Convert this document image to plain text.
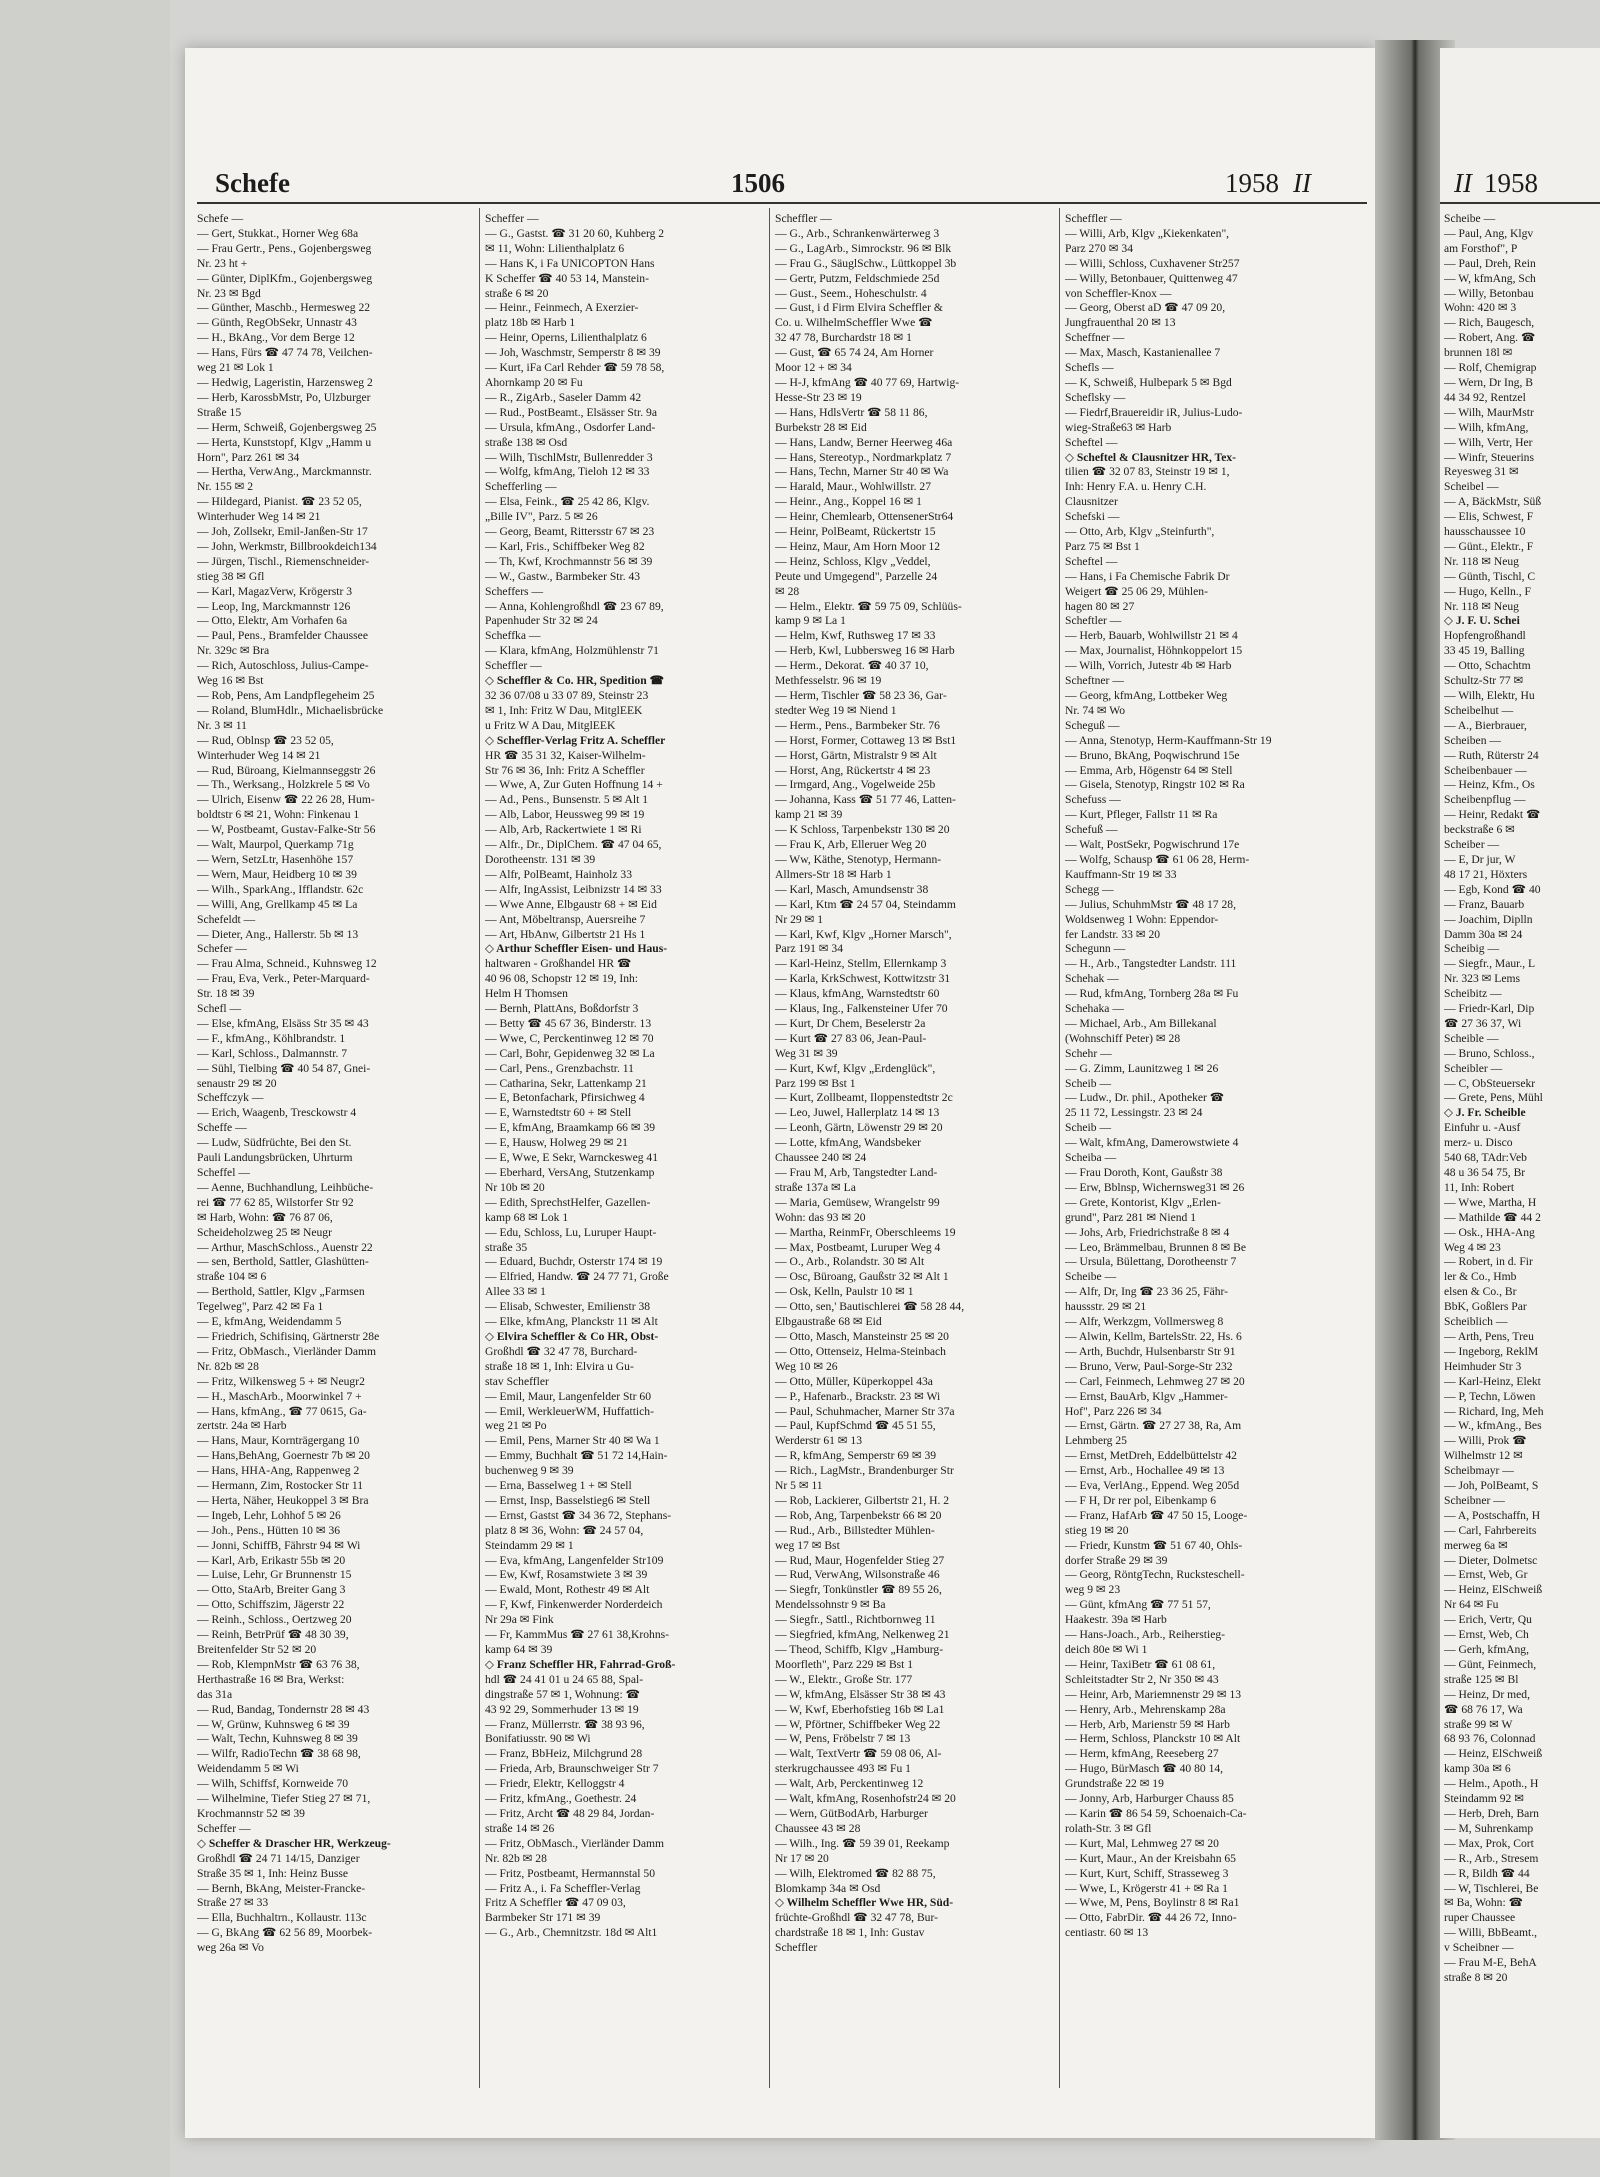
Schefe	1506	1958 II
Schefe —
— Gert, Stukkat., Horner Weg 68a
— Frau Gertr., Pens., Gojenbergsweg
Nr. 23 ht +
— Günter, DiplKfm., Gojenbergsweg
Nr. 23 ✉ Bgd
— Günther, Maschb., Hermesweg 22
— Günth, RegObSekr, Unnastr 43
— H., BkAng., Vor dem Berge 12
— Hans, Fürs ☎ 47 74 78, Veilchen-
weg 21 ✉ Lok 1
— Hedwig, Lageristin, Harzensweg 2
— Herb, KarossbMstr, Po, Ulzburger
Straße 15
— Herm, Schweiß, Gojenbergsweg 25
— Herta, Kunststopf, Klgv „Hamm u
Horn", Parz 261 ✉ 34
— Hertha, VerwAng., Marckmannstr.
Nr. 155 ✉ 2
— Hildegard, Pianist. ☎ 23 52 05,
Winterhuder Weg 14 ✉ 21
— Joh, Zollsekr, Emil-Janßen-Str 17
— John, Werkmstr, Billbrookdeich134
— Jürgen, Tischl., Riemenschneider-
stieg 38 ✉ Gfl
— Karl, MagazVerw, Krögerstr 3
— Leop, Ing, Marckmannstr 126
— Otto, Elektr, Am Vorhafen 6a
— Paul, Pens., Bramfelder Chaussee
Nr. 329c ✉ Bra
— Rich, Autoschloss, Julius-Campe-
Weg 16 ✉ Bst
— Rob, Pens, Am Landpflegeheim 25
— Roland, BlumHdlr., Michaelisbrücke
Nr. 3 ✉ 11
— Rud, Oblnsp ☎ 23 52 05,
Winterhuder Weg 14 ✉ 21
— Rud, Büroang, Kielmannseggstr 26
— Th., Werksang., Holzkrele 5 ✉ Vo
— Ulrich, Eisenw ☎ 22 26 28, Hum-
boldtstr 6 ✉ 21, Wohn: Finkenau 1
— W, Postbeamt, Gustav-Falke-Str 56
— Walt, Maurpol, Querkamp 71g
— Wern, SetzLtr, Hasenhöhe 157
— Wern, Maur, Heidberg 10 ✉ 39
— Wilh., SparkAng., Ifflandstr. 62c
— Willi, Ang, Grellkamp 45 ✉ La
Schefeldt —
— Dieter, Ang., Hallerstr. 5b ✉ 13
Schefer —
— Frau Alma, Schneid., Kuhnsweg 12
— Frau, Eva, Verk., Peter-Marquard-
Str. 18 ✉ 39
Schefl —
— Else, kfmAng, Elsäss Str 35 ✉ 43
— F., kfmAng., Köhlbrandstr. 1
— Karl, Schloss., Dalmannstr. 7
— Sühl, Tielbing ☎ 40 54 87, Gnei-
senaustr 29 ✉ 20
Scheffczyk —
— Erich, Waagenb, Tresckowstr 4
Scheffe —
— Ludw, Südfrüchte, Bei den St.
Pauli Landungsbrücken, Uhrturm
Scheffel —
— Aenne, Buchhandlung, Leihbüche-
rei ☎ 77 62 85, Wilstorfer Str 92
✉ Harb, Wohn: ☎ 76 87 06,
Scheideholzweg 25 ✉ Neugr
— Arthur, MaschSchloss., Auenstr 22
— sen, Berthold, Sattler, Glashütten-
straße 104 ✉ 6
— Berthold, Sattler, Klgv „Farmsen
Tegelweg", Parz 42 ✉ Fa 1
— E, kfmAng, Weidendamm 5
— Friedrich, Schifisinq, Gärtnerstr 28e
— Fritz, ObMasch., Vierländer Damm
Nr. 82b ✉ 28
— Fritz, Wilkensweg 5 + ✉ Neugr2
— H., MaschArb., Moorwinkel 7 +
— Hans, kfmAng., ☎ 77 0615, Ga-
zertstr. 24a ✉ Harb
— Hans, Maur, Kornträgergang 10
— Hans,BehAng, Goernestr 7b ✉ 20
— Hans, HHA-Ang, Rappenweg 2
— Hermann, Zim, Rostocker Str 11
— Herta, Näher, Heukoppel 3 ✉ Bra
— Ingeb, Lehr, Lohhof 5 ✉ 26
— Joh., Pens., Hütten 10 ✉ 36
— Jonni, SchiffB, Fährstr 94 ✉ Wi
— Karl, Arb, Erikastr 55b ✉ 20
— Luise, Lehr, Gr Brunnenstr 15
— Otto, StaArb, Breiter Gang 3
— Otto, Schiffszim, Jägerstr 22
— Reinh., Schloss., Oertzweg 20
— Reinh, BetrPrüf ☎ 48 30 39,
Breitenfelder Str 52 ✉ 20
— Rob, KlempnMstr ☎ 63 76 38,
Herthastraße 16 ✉ Bra, Werkst:
das 31a
— Rud, Bandag, Tondernstr 28 ✉ 43
— W, Grünw, Kuhnsweg 6 ✉ 39
— Walt, Techn, Kuhnsweg 8 ✉ 39
— Wilfr, RadioTechn ☎ 38 68 98,
Weidendamm 5 ✉ Wi
— Wilh, Schiffsf, Kornweide 70
— Wilhelmine, Tiefer Stieg 27 ✉ 71,
Krochmannstr 52 ✉ 39
Scheffer —
◇ Scheffer & Drascher HR, Werkzeug-
Großhdl ☎ 24 71 14/15, Danziger
Straße 35 ✉ 1, Inh: Heinz Busse
— Bernh, BkAng, Meister-Francke-
Straße 27 ✉ 33
— Ella, Buchhaltrn., Kollaustr. 113c
— G, BkAng ☎ 62 56 89, Moorbek-
weg 26a ✉ Vo
Scheffer —
— G., Gastst. ☎ 31 20 60, Kuhberg 2
✉ 11, Wohn: Lilienthalplatz 6
— Hans K, i Fa UNICOPTON Hans
K Scheffer ☎ 40 53 14, Manstein-
straße 6 ✉ 20
— Heinr., Feinmech, A Exerzier-
platz 18b ✉ Harb 1
— Heinr, Operns, Lilienthalplatz 6
— Joh, Waschmstr, Semperstr 8 ✉ 39
— Kurt, iFa Carl Rehder ☎ 59 78 58,
Ahornkamp 20 ✉ Fu
— R., ZigArb., Saseler Damm 42
— Rud., PostBeamt., Elsässer Str. 9a
— Ursula, kfmAng., Osdorfer Land-
straße 138 ✉ Osd
— Wilh, TischlMstr, Bullenredder 3
— Wolfg, kfmAng, Tieloh 12 ✉ 33
Schefferling —
— Elsa, Feink., ☎ 25 42 86, Klgv.
„Bille IV", Parz. 5 ✉ 26
— Georg, Beamt, Rittersstr 67 ✉ 23
— Karl, Fris., Schiffbeker Weg 82
— Th, Kwf, Krochmannstr 56 ✉ 39
— W., Gastw., Barmbeker Str. 43
Scheffers —
— Anna, Kohlengroßhdl ☎ 23 67 89,
Papenhuder Str 32 ✉ 24
Scheffka —
— Klara, kfmAng, Holzmühlenstr 71
Scheffler —
◇ Scheffler & Co. HR, Spedition ☎
32 36 07/08 u 33 07 89, Steinstr 23
✉ 1, Inh: Fritz W Dau, MitglEEK
u Fritz W A Dau, MitglEEK
◇ Scheffler-Verlag Fritz A. Scheffler
HR ☎ 35 31 32, Kaiser-Wilhelm-
Str 76 ✉ 36, Inh: Fritz A Scheffler
— Wwe, A, Zur Guten Hoffnung 14 +
— Ad., Pens., Bunsenstr. 5 ✉ Alt 1
— Alb, Labor, Heussweg 99 ✉ 19
— Alb, Arb, Rackertwiete 1 ✉ Ri
— Alfr., Dr., DiplChem. ☎ 47 04 65,
Dorotheenstr. 131 ✉ 39
— Alfr, PolBeamt, Hainholz 33
— Alfr, IngAssist, Leibnizstr 14 ✉ 33
— Wwe Anne, Elbgaustr 68 + ✉ Eid
— Ant, Möbeltransp, Auersreihe 7
— Art, HbAnw, Gilbertstr 21 Hs 1
◇ Arthur Scheffler Eisen- und Haus-
haltwaren - Großhandel HR ☎
40 96 08, Schopstr 12 ✉ 19, Inh:
Helm H Thomsen
— Bernh, PlattAns, Boßdorfstr 3
— Betty ☎ 45 67 36, Binderstr. 13
— Wwe, C, Perckentinweg 12 ✉ 70
— Carl, Bohr, Gepidenweg 32 ✉ La
— Carl, Pens., Grenzbachstr. 11
— Catharina, Sekr, Lattenkamp 21
— E, Betonfachark, Pfirsichweg 4
— E, Warnstedtstr 60 + ✉ Stell
— E, kfmAng, Braamkamp 66 ✉ 39
— E, Hausw, Holweg 29 ✉ 21
— E, Wwe, E Sekr, Warnckesweg 41
— Eberhard, VersAng, Stutzenkamp
Nr 10b ✉ 20
— Edith, SprechstHelfer, Gazellen-
kamp 68 ✉ Lok 1
— Edu, Schloss, Lu, Luruper Haupt-
straße 35
— Eduard, Buchdr, Osterstr 174 ✉ 19
— Elfried, Handw. ☎ 24 77 71, Große
Allee 33 ✉ 1
— Elisab, Schwester, Emilienstr 38
— Elke, kfmAng, Planckstr 11 ✉ Alt
◇ Elvira Scheffler & Co HR, Obst-
Großhdl ☎ 32 47 78, Burchard-
straße 18 ✉ 1, Inh: Elvira u Gu-
stav Scheffler
— Emil, Maur, Langenfelder Str 60
— Emil, WerkleuerWM, Huffattich-
weg 21 ✉ Po
— Emil, Pens, Marner Str 40 ✉ Wa 1
— Emmy, Buchhalt ☎ 51 72 14,Hain-
buchenweg 9 ✉ 39
— Erna, Basselweg 1 + ✉ Stell
— Ernst, Insp, Basselstieg6 ✉ Stell
— Ernst, Gastst ☎ 34 36 72, Stephans-
platz 8 ✉ 36, Wohn: ☎ 24 57 04,
Steindamm 29 ✉ 1
— Eva, kfmAng, Langenfelder Str109
— Ew, Kwf, Rosamstwiete 3 ✉ 39
— Ewald, Mont, Rothestr 49 ✉ Alt
— F, Kwf, Finkenwerder Norderdeich
Nr 29a ✉ Fink
— Fr, KammMus ☎ 27 61 38,Krohns-
kamp 64 ✉ 39
◇ Franz Scheffler HR, Fahrrad-Groß-
hdl ☎ 24 41 01 u 24 65 88, Spal-
dingstraße 57 ✉ 1, Wohnung: ☎
43 92 29, Sommerhuder 13 ✉ 19
— Franz, Müllerrstr. ☎ 38 93 96,
Bonifatiusstr. 90 ✉ Wi
— Franz, BbHeiz, Milchgrund 28
— Frieda, Arb, Braunschweiger Str 7
— Friedr, Elektr, Kelloggstr 4
— Fritz, kfmAng., Goethestr. 24
— Fritz, Archt ☎ 48 29 84, Jordan-
straße 14 ✉ 26
— Fritz, ObMasch., Vierländer Damm
Nr. 82b ✉ 28
— Fritz, Postbeamt, Hermannstal 50
— Fritz A., i. Fa Scheffler-Verlag
Fritz A Scheffler ☎ 47 09 03,
Barmbeker Str 171 ✉ 39
— G., Arb., Chemnitzstr. 18d ✉ Alt1
Scheffler —
— G., Arb., Schrankenwärterweg 3
— G., LagArb., Simrockstr. 96 ✉ Blk
— Frau G., SäuglSchw., Lüttkoppel 3b
— Gertr, Putzm, Feldschmiede 25d
— Gust., Seem., Hoheschulstr. 4
— Gust, i d Firm Elvira Scheffler &
Co. u. WilhelmScheffler Wwe ☎
32 47 78, Burchardstr 18 ✉ 1
— Gust, ☎ 65 74 24, Am Horner
Moor 12 + ✉ 34
— H-J, kfmAng ☎ 40 77 69, Hartwig-
Hesse-Str 23 ✉ 19
— Hans, HdlsVertr ☎ 58 11 86,
Burbekstr 28 ✉ Eid
— Hans, Landw, Berner Heerweg 46a
— Hans, Stereotyp., Nordmarkplatz 7
— Hans, Techn, Marner Str 40 ✉ Wa
— Harald, Maur., Wohlwillstr. 27
— Heinr., Ang., Koppel 16 ✉ 1
— Heinr, Chemlearb, OttensenerStr64
— Heinr, PolBeamt, Rückertstr 15
— Heinz, Maur, Am Horn Moor 12
— Heinz, Schloss, Klgv „Veddel,
Peute und Umgegend", Parzelle 24
✉ 28
— Helm., Elektr. ☎ 59 75 09, Schlüüs-
kamp 9 ✉ La 1
— Helm, Kwf, Ruthsweg 17 ✉ 33
— Herb, Kwl, Lubbersweg 16 ✉ Harb
— Herm., Dekorat. ☎ 40 37 10,
Methfesselstr. 96 ✉ 19
— Herm, Tischler ☎ 58 23 36, Gar-
stedter Weg 19 ✉ Niend 1
— Herm., Pens., Barmbeker Str. 76
— Horst, Former, Cottaweg 13 ✉ Bst1
— Horst, Gärtn, Mistralstr 9 ✉ Alt
— Horst, Ang, Rückertstr 4 ✉ 23
— Irmgard, Ang., Vogelweide 25b
— Johanna, Kass ☎ 51 77 46, Latten-
kamp 21 ✉ 39
— K Schloss, Tarpenbekstr 130 ✉ 20
— Frau K, Arb, Elleruer Weg 20
— Ww, Käthe, Stenotyp, Hermann-
Allmers-Str 18 ✉ Harb 1
— Karl, Masch, Amundsenstr 38
— Karl, Ktm ☎ 24 57 04, Steindamm
Nr 29 ✉ 1
— Karl, Kwf, Klgv „Horner Marsch",
Parz 191 ✉ 34
— Karl-Heinz, Stellm, Ellernkamp 3
— Karla, KrkSchwest, Kottwitzstr 31
— Klaus, kfmAng, Warnstedtstr 60
— Klaus, Ing., Falkensteiner Ufer 70
— Kurt, Dr Chem, Beselerstr 2a
— Kurt ☎ 27 83 06, Jean-Paul-
Weg 31 ✉ 39
— Kurt, Kwf, Klgv „Erdenglück",
Parz 199 ✉ Bst 1
— Kurt, Zollbeamt, Iloppenstedtstr 2c
— Leo, Juwel, Hallerplatz 14 ✉ 13
— Leonh, Gärtn, Löwenstr 29 ✉ 20
— Lotte, kfmAng, Wandsbeker
Chaussee 240 ✉ 24
— Frau M, Arb, Tangstedter Land-
straße 137a ✉ La
— Maria, Gemüsew, Wrangelstr 99
Wohn: das 93 ✉ 20
— Martha, ReinmFr, Oberschleems 19
— Max, Postbeamt, Luruper Weg 4
— O., Arb., Rolandstr. 30 ✉ Alt
— Osc, Büroang, Gaußstr 32 ✉ Alt 1
— Osk, Kelln, Paulstr 10 ✉ 1
— Otto, sen,' Bautischlerei ☎ 58 28 44,
Elbgaustraße 68 ✉ Eid
— Otto, Masch, Mansteinstr 25 ✉ 20
— Otto, Ottenseiz, Helma-Steinbach
Weg 10 ✉ 26
— Otto, Müller, Küperkoppel 43a
— P., Hafenarb., Brackstr. 23 ✉ Wi
— Paul, Schuhmacher, Marner Str 37a
— Paul, KupfSchmd ☎ 45 51 55,
Werderstr 61 ✉ 13
— R, kfmAng, Semperstr 69 ✉ 39
— Rich., LagMstr., Brandenburger Str
Nr 5 ✉ 11
— Rob, Lackierer, Gilbertstr 21, H. 2
— Rob, Ang, Tarpenbekstr 66 ✉ 20
— Rud., Arb., Billstedter Mühlen-
weg 17 ✉ Bst
— Rud, Maur, Hogenfelder Stieg 27
— Rud, VerwAng, Wilsonstraße 46
— Siegfr, Tonkünstler ☎ 89 55 26,
Mendelssohnstr 9 ✉ Ba
— Siegfr., Sattl., Richtbornweg 11
— Siegfried, kfmAng, Nelkenweg 21
— Theod, Schiffb, Klgv „Hamburg-
Moorfleth", Parz 229 ✉ Bst 1
— W., Elektr., Große Str. 177
— W, kfmAng, Elsässer Str 38 ✉ 43
— W, Kwf, Eberhofstieg 16b ✉ La1
— W, Pförtner, Schiffbeker Weg 22
— W, Pens, Fröbelstr 7 ✉ 13
— Walt, TextVertr ☎ 59 08 06, Al-
sterkrugchaussee 493 ✉ Fu 1
— Walt, Arb, Perckentinweg 12
— Walt, kfmAng, Rosenhofstr24 ✉ 20
— Wern, GütBodArb, Harburger
Chaussee 43 ✉ 28
— Wilh., Ing. ☎ 59 39 01, Reekamp
Nr 17 ✉ 20
— Wilh, Elektromed ☎ 82 88 75,
Blomkamp 34a ✉ Osd
◇ Wilhelm Scheffler Wwe HR, Süd-
früchte-Großhdl ☎ 32 47 78, Bur-
chardstraße 18 ✉ 1, Inh: Gustav
Scheffler
Scheffler —
— Willi, Arb, Klgv „Kiekenkaten",
Parz 270 ✉ 34
— Willi, Schloss, Cuxhavener Str257
— Willy, Betonbauer, Quittenweg 47
von Scheffler-Knox —
— Georg, Oberst aD ☎ 47 09 20,
Jungfrauenthal 20 ✉ 13
Scheffner —
— Max, Masch, Kastanienallee 7
Schefls —
— K, Schweiß, Hulbepark 5 ✉ Bgd
Scheflsky —
— Fiedrf,Brauereidir iR, Julius-Ludo-
wieg-Straße63 ✉ Harb
Scheftel —
◇ Scheftel & Clausnitzer HR, Tex-
tilien ☎ 32 07 83, Steinstr 19 ✉ 1,
Inh: Henry F.A. u. Henry C.H.
Clausnitzer
Schefski —
— Otto, Arb, Klgv „Steinfurth",
Parz 75 ✉ Bst 1
Scheftel —
— Hans, i Fa Chemische Fabrik Dr
Weigert ☎ 25 06 29, Mühlen-
hagen 80 ✉ 27
Scheftler —
— Herb, Bauarb, Wohlwillstr 21 ✉ 4
— Max, Journalist, Höhnkoppelort 15
— Wilh, Vorrich, Jutestr 4b ✉ Harb
Scheftner —
— Georg, kfmAng, Lottbeker Weg
Nr. 74 ✉ Wo
Scheguß —
— Anna, Stenotyp, Herm-Kauffmann-Str 19
— Bruno, BkAng, Poqwischrund 15e
— Emma, Arb, Högenstr 64 ✉ Stell
— Gisela, Stenotyp, Ringstr 102 ✉ Ra
Schefuss —
— Kurt, Pfleger, Fallstr 11 ✉ Ra
Schefuß —
— Walt, PostSekr, Pogwischrund 17e
— Wolfg, Schausp ☎ 61 06 28, Herm-
Kauffmann-Str 19 ✉ 33
Schegg —
— Julius, SchuhmMstr ☎ 48 17 28,
Woldsenweg 1 Wohn: Eppendor-
fer Landstr. 33 ✉ 20
Schegunn —
— H., Arb., Tangstedter Landstr. 111
Schehak —
— Rud, kfmAng, Tornberg 28a ✉ Fu
Schehaka —
— Michael, Arb., Am Billekanal
(Wohnschiff Peter) ✉ 28
Schehr —
— G. Zimm, Launitzweg 1 ✉ 26
Scheib —
— Ludw., Dr. phil., Apotheker ☎
25 11 72, Lessingstr. 23 ✉ 24
Scheib —
— Walt, kfmAng, Damerowstwiete 4
Scheiba —
— Frau Doroth, Kont, Gaußstr 38
— Erw, Bblnsp, Wichernsweg31 ✉ 26
— Grete, Kontorist, Klgv „Erlen-
grund", Parz 281 ✉ Niend 1
— Johs, Arb, Friedrichstraße 8 ✉ 4
— Leo, Brämmelbau, Brunnen 8 ✉ Be
— Ursula, Bülettang, Dorotheenstr 7
Scheibe —
— Alfr, Dr, Ing ☎ 23 36 25, Fähr-
haussstr. 29 ✉ 21
— Alfr, Werkzgm, Vollmersweg 8
— Alwin, Kellm, BartelsStr. 22, Hs. 6
— Arth, Buchdr, Hulsenbarstr Str 91
— Bruno, Verw, Paul-Sorge-Str 232
— Carl, Feinmech, Lehmweg 27 ✉ 20
— Ernst, BauArb, Klgv „Hammer-
Hof", Parz 226 ✉ 34
— Ernst, Gärtn. ☎ 27 27 38, Ra, Am
Lehmberg 25
— Ernst, MetDreh, Eddelbüttelstr 42
— Ernst, Arb., Hochallee 49 ✉ 13
— Eva, VerlAng., Eppend. Weg 205d
— F H, Dr rer pol, Eibenkamp 6
— Franz, HafArb ☎ 47 50 15, Looge-
stieg 19 ✉ 20
— Friedr, Kunstm ☎ 51 67 40, Ohls-
dorfer Straße 29 ✉ 39
— Georg, RöntgTechn, Rucksteschell-
weg 9 ✉ 23
— Günt, kfmAng ☎ 77 51 57,
Haakestr. 39a ✉ Harb
— Hans-Joach., Arb., Reiherstieg-
deich 80e ✉ Wi 1
— Heinr, TaxiBetr ☎ 61 08 61,
Schleitstadter Str 2, Nr 350 ✉ 43
— Heinr, Arb, Mariemnenstr 29 ✉ 13
— Henry, Arb., Mehrenskamp 28a
— Herb, Arb, Marienstr 59 ✉ Harb
— Herm, Schloss, Planckstr 10 ✉ Alt
— Herm, kfmAng, Reeseberg 27
— Hugo, BürMasch ☎ 40 80 14,
Grundstraße 22 ✉ 19
— Jonny, Arb, Harburger Chauss 85
— Karin ☎ 86 54 59, Schoenaich-Ca-
rolath-Str. 3 ✉ Gfl
— Kurt, Mal, Lehmweg 27 ✉ 20
— Kurt, Maur., An der Kreisbahn 65
— Kurt, Kurt, Schiff, Strasseweg 3
— Wwe, L, Krögerstr 41 + ✉ Ra 1
— Wwe, M, Pens, Boylinstr 8 ✉ Ra1
— Otto, FabrDir. ☎ 44 26 72, Inno-
centiastr. 60 ✉ 13
II 1958
Scheibe —
— Paul, Ang, Klgv
am Forsthof", P
— Paul, Dreh, Rein
— W, kfmAng, Sch
— Willy, Betonbau
Wohn: 420 ✉ 3
— Rich, Baugesch,
— Robert, Ang. ☎
brunnen 18l ✉
— Rolf, Chemigrap
— Wern, Dr Ing, B
44 34 92, Rentzel
— Wilh, MaurMstr
— Wilh, kfmAng,
— Wilh, Vertr, Her
— Winfr, Steuerins
Reyesweg 31 ✉
Scheibel —
— A, BäckMstr, Süß
— Elis, Schwest, F
hausschaussee 10
— Günt., Elektr., F
Nr. 118 ✉ Neug
— Günth, Tischl, C
— Hugo, Kelln., F
Nr. 118 ✉ Neug
◇ J. F. U. Schei
Hopfengroßhandl
33 45 19, Balling
— Otto, Schachtm
Schultz-Str 77 ✉
— Wilh, Elektr, Hu
Scheibelhut —
— A., Bierbrauer,
Scheiben —
— Ruth, Rüterstr 24
Scheibenbauer —
— Heinz, Kfm., Os
Scheibenpflug —
— Heinr, Redakt ☎
beckstraße 6 ✉
Scheiber —
— E, Dr jur, W
48 17 21, Höxters
— Egb, Kond ☎ 40
— Franz, Bauarb
— Joachim, Diplln
Damm 30a ✉ 24
Scheibig —
— Siegfr., Maur., L
Nr. 323 ✉ Lems
Scheibitz —
— Friedr-Karl, Dip
☎ 27 36 37, Wi
Scheible —
— Bruno, Schloss.,
Scheibler —
— C, ObSteuersekr
— Grete, Pens, Mühl
◇ J. Fr. Scheible
Einfuhr u. -Ausf
merz- u. Disco
540 68, TAdr:Veb
48 u 36 54 75, Br
11, Inh: Robert
— Wwe, Martha, H
— Mathilde ☎ 44 2
— Osk., HHA-Ang
Weg 4 ✉ 23
— Robert, in d. Fir
ler & Co., Hmb
elsen & Co., Br
BbK, Goßlers Par
Scheiblich —
— Arth, Pens, Treu
— Ingeborg, ReklM
Heimhuder Str 3
— Karl-Heinz, Elekt
— P, Techn, Löwen
— Richard, Ing, Meh
— W., kfmAng., Bes
— Willi, Prok ☎
Wilhelmstr 12 ✉
Scheibmayr —
— Joh, PolBeamt, S
Scheibner —
— A, Postschaffn, H
— Carl, Fahrbereits
merweg 6a ✉
— Dieter, Dolmetsc
— Ernst, Web, Gr
— Heinz, ElSchweiß
Nr 64 ✉ Fu
— Erich, Vertr, Qu
— Ernst, Web, Ch
— Gerh, kfmAng,
— Günt, Feinmech,
straße 125 ✉ Bl
— Heinz, Dr med,
☎ 68 76 17, Wa
straße 99 ✉ W
68 93 76, Colonnad
— Heinz, ElSchweiß
kamp 30a ✉ 6
— Helm., Apoth., H
Steindamm 92 ✉
— Herb, Dreh, Barn
— M, Suhrenkamp
— Max, Prok, Cort
— R., Arb., Stresem
— R, Bildh ☎ 44
— W, Tischlerei, Be
✉ Ba, Wohn: ☎
ruper Chaussee
— Willi, BbBeamt.,
v Scheibner —
— Frau M-E, BehA
straße 8 ✉ 20
